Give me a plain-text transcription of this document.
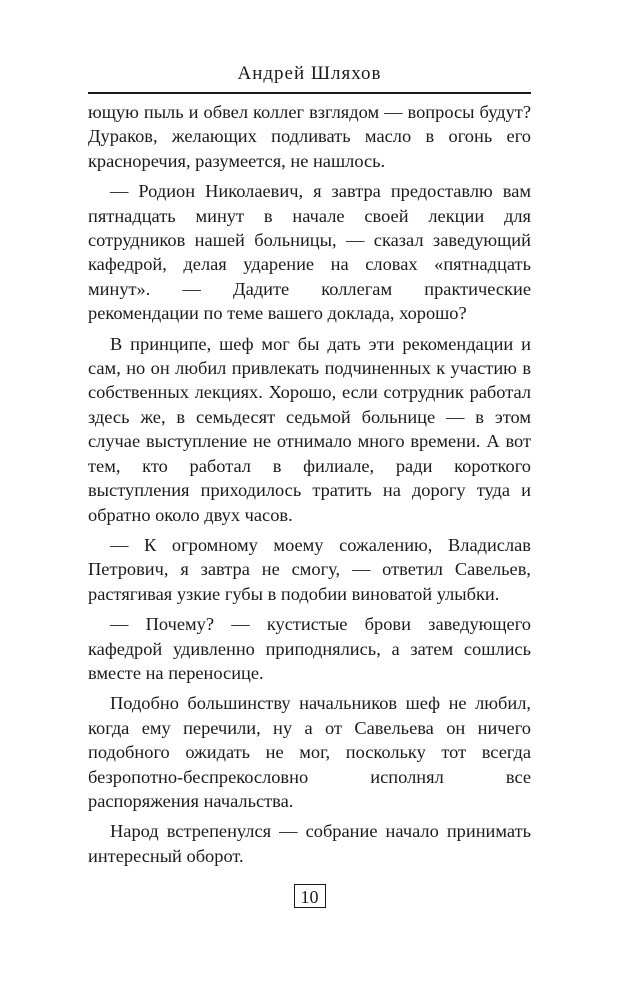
Андрей Шляхов

ющую пыль и обвел коллег взглядом — вопросы будут? Дураков, желающих подливать масло в огонь его красноречия, разумеется, не нашлось.

— Родион Николаевич, я завтра предоставлю вам пятнадцать минут в начале своей лекции для сотрудников нашей больницы, — сказал заведующий кафедрой, делая ударение на словах «пятнадцать минут». — Дадите коллегам практические рекомендации по теме вашего доклада, хорошо?

В принципе, шеф мог бы дать эти рекомендации и сам, но он любил привлекать подчиненных к участию в собственных лекциях. Хорошо, если сотрудник работал здесь же, в семьдесят седьмой больнице — в этом случае выступление не отнимало много времени. А вот тем, кто работал в филиале, ради короткого выступления приходилось тратить на дорогу туда и обратно около двух часов.

— К огромному моему сожалению, Владислав Петрович, я завтра не смогу, — ответил Савельев, растягивая узкие губы в подобии виноватой улыбки.

— Почему? — кустистые брови заведующего кафедрой удивленно приподнялись, а затем сошлись вместе на переносице.

Подобно большинству начальников шеф не любил, когда ему перечили, ну а от Савельева он ничего подобного ожидать не мог, поскольку тот всегда безропотно-беспрекословно исполнял все распоряжения начальства.

Народ встрепенулся — собрание начало принимать интересный оборот.

10
